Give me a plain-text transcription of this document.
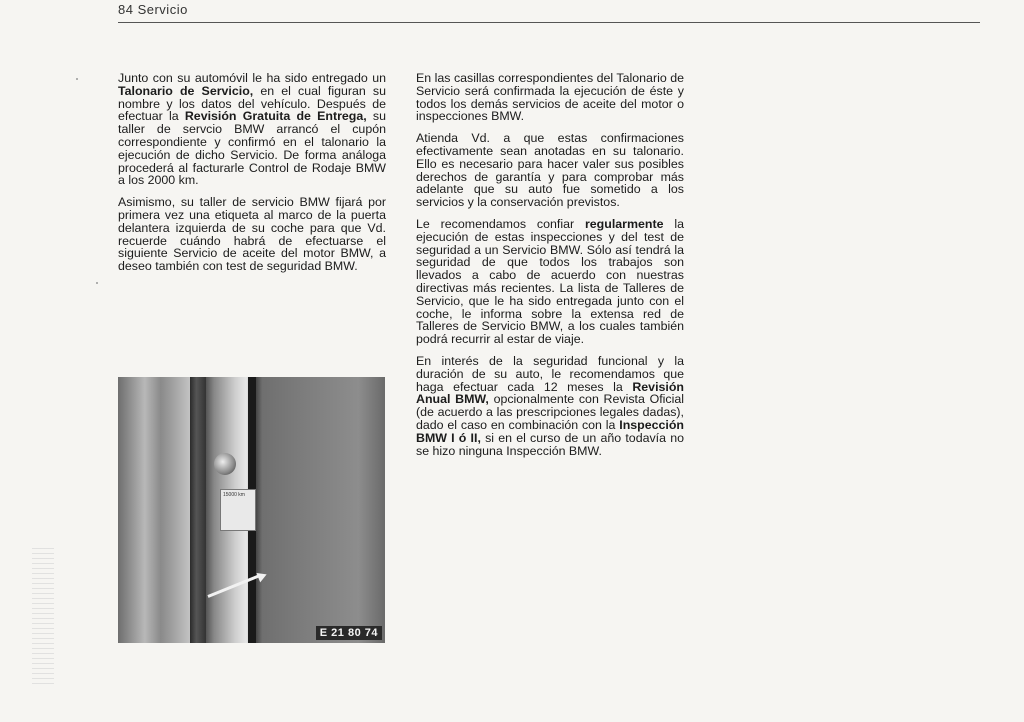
84 Servicio

Junto con su automóvil le ha sido entregado un Talonario de Servicio, en el cual figuran su nombre y los datos del vehículo. Después de efectuar la Revisión Gratuita de Entrega, su taller de servcio BMW arrancó el cupón correspondiente y confirmó en el talonario la ejecución de dicho Servicio. De forma análoga procederá al facturarle Control de Rodaje BMW a los 2000 km.

Asimismo, su taller de servicio BMW fijará por primera vez una etiqueta al marco de la puerta delantera izquierda de su coche para que Vd. recuerde cuándo habrá de efectuarse el siguiente Servicio de aceite del motor BMW, a deseo también con test de seguridad BMW.

En las casillas correspondientes del Talonario de Servicio será confirmada la ejecución de éste y todos los demás servicios de aceite del motor o inspecciones BMW.

Atienda Vd. a que estas confirmaciones efectivamente sean anotadas en su talonario. Ello es necesario para hacer valer sus posibles derechos de garantía y para comprobar más adelante que su auto fue sometido a los servicios y la conservación previstos.

Le recomendamos confiar regularmente la ejecución de estas inspecciones y del test de seguridad a un Servicio BMW. Sólo así tendrá la seguridad de que todos los trabajos son llevados a cabo de acuerdo con nuestras directivas más recientes. La lista de Talleres de Servicio, que le ha sido entregada junto con el coche, le informa sobre la extensa red de Talleres de Servicio BMW, a los cuales también podrá recurrir al estar de viaje.

En interés de la seguridad funcional y la duración de su auto, le recomendamos que haga efectuar cada 12 meses la Revisión Anual BMW, opcionalmente con Revista Oficial (de acuerdo a las prescripciones legales dadas), dado el caso en combinación con la Inspección BMW I ó II, si en el curso de un año todavía no se hizo ninguna Inspección BMW.

15000 km
E 21 80 74
